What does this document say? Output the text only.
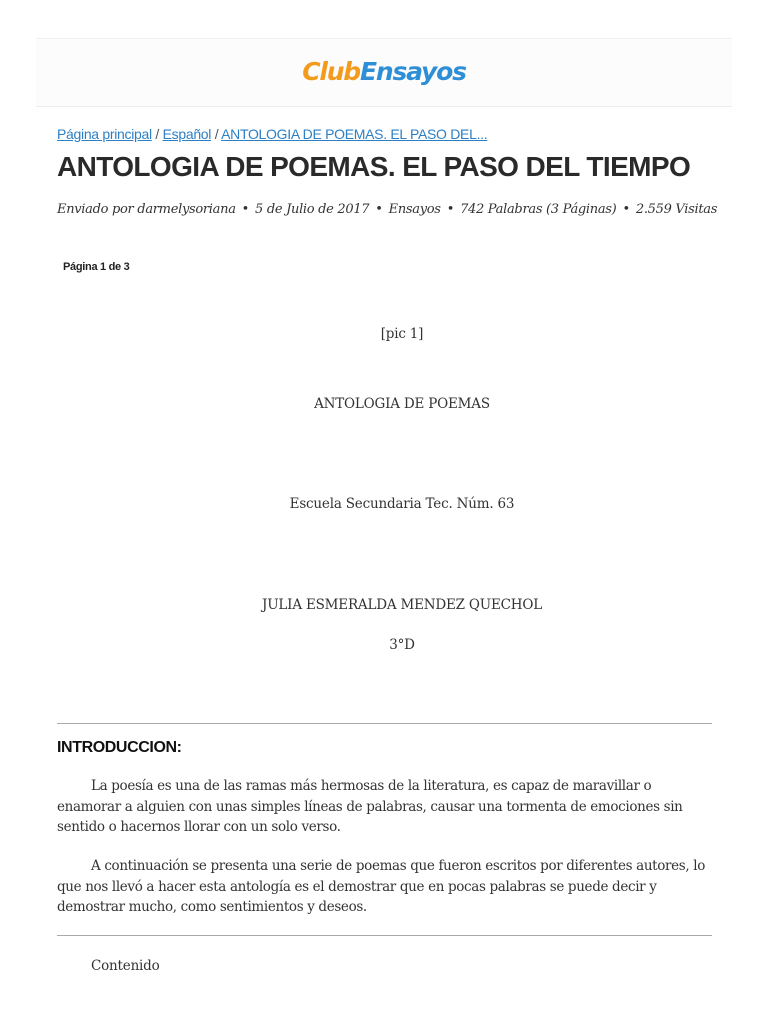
ClubEnsayos
Página principal / Español / ANTOLOGIA DE POEMAS. EL PASO DEL...
ANTOLOGIA DE POEMAS. EL PASO DEL TIEMPO
Enviado por darmelysoriana • 5 de Julio de 2017 • Ensayos • 742 Palabras (3 Páginas) • 2.559 Visitas
Página 1 de 3
[pic 1]
ANTOLOGIA DE POEMAS
Escuela Secundaria Tec. Núm. 63
JULIA ESMERALDA MENDEZ QUECHOL
3°D
INTRODUCCION:

La poesía es una de las ramas más hermosas de la literatura, es capaz de maravillar o enamorar a alguien con unas simples líneas de palabras, causar una tormenta de emociones sin sentido o hacernos llorar con un solo verso.

A continuación se presenta una serie de poemas que fueron escritos por diferentes autores, lo que nos llevó a hacer esta antología es el demostrar que en pocas palabras se puede decir y demostrar mucho, como sentimientos y deseos.

Contenido
